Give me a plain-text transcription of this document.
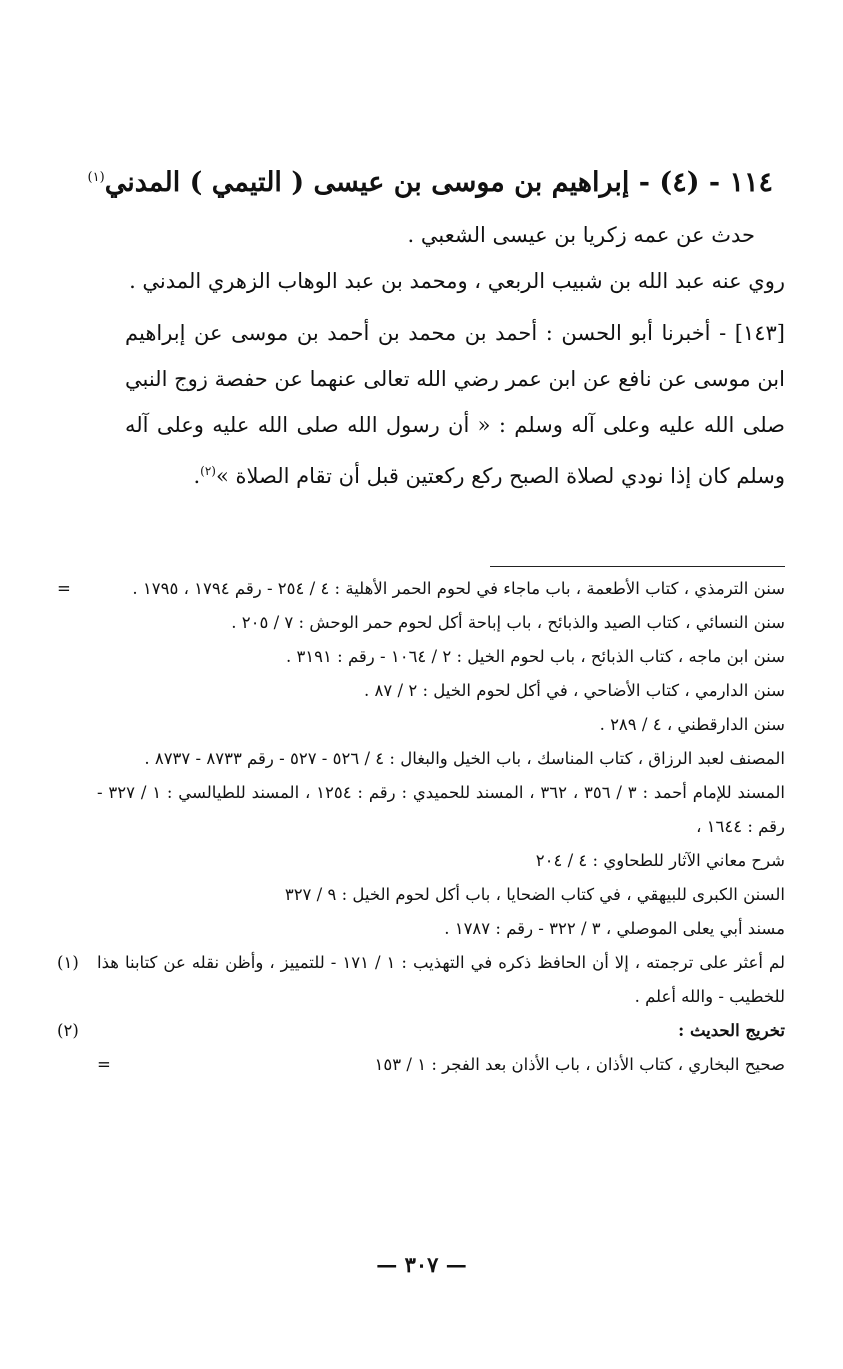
١١٤ - (٤) - إبراهيم بن موسى بن عيسى ( التيمي ) المدني$^{(١)}$

حدث عن عمه زكريا بن عيسى الشعبي .

روي عنه عبد الله بن شبيب الربعي ، ومحمد بن عبد الوهاب الزهري المدني .

[١٤٣] - أخبرنا أبو الحسن : أحمد بن محمد بن أحمد بن موسى عن إبراهيم ابن موسى عن نافع عن ابن عمر رضي الله تعالى عنهما عن حفصة زوج النبي صلى الله عليه وعلى آله وسلم : « أن رسول الله صلى الله عليه وعلى آله وسلم كان إذا نودي لصلاة الصبح ركع ركعتين قبل أن تقام الصلاة »$^{(٢)}$.

سنن الترمذي ، كتاب الأطعمة ، باب ماجاء في لحوم الحمر الأهلية : ٤ / ٢٥٤ - رقم ١٧٩٤ ، ١٧٩٥ .

سنن النسائي ، كتاب الصيد والذبائح ، باب إباحة أكل لحوم حمر الوحش : ٧ / ٢٠٥ .

سنن ابن ماجه ، كتاب الذبائح ، باب لحوم الخيل : ٢ / ١٠٦٤ - رقم : ٣١٩١ .

سنن الدارمي ، كتاب الأضاحي ، في أكل لحوم الخيل : ٢ / ٨٧ .

سنن الدارقطني ، ٤ / ٢٨٩ .

المصنف لعبد الرزاق ، كتاب المناسك ، باب الخيل والبغال : ٤ / ٥٢٦ - ٥٢٧ - رقم ٨٧٣٣ - ٨٧٣٧ .

المسند للإمام أحمد : ٣ / ٣٥٦ ، ٣٦٢ ، المسند للحميدي : رقم : ١٢٥٤ ، المسند للطيالسي : ١ / ٣٢٧ - رقم : ١٦٤٤ ،

شرح معاني الآثار للطحاوي : ٤ / ٢٠٤

السنن الكبرى للبيهقي ، في كتاب الضحايا ، باب أكل لحوم الخيل : ٩ / ٣٢٧

مسند أبي يعلى الموصلي ، ٣ / ٣٢٢ - رقم : ١٧٨٧ .

=
لم أعثر على ترجمته ، إلا أن الحافظ ذكره في التهذيب : ١ / ١٧١ - للتمييز ، وأظن نقله عن كتابنا هذا للخطيب - والله أعلم .
(١)

تخريج الحديث :

صحيح البخاري ، كتاب الأذان ، باب الأذان بعد الفجر : ١ / ١٥٣
=

(٢)
— ٣٠٧ —
